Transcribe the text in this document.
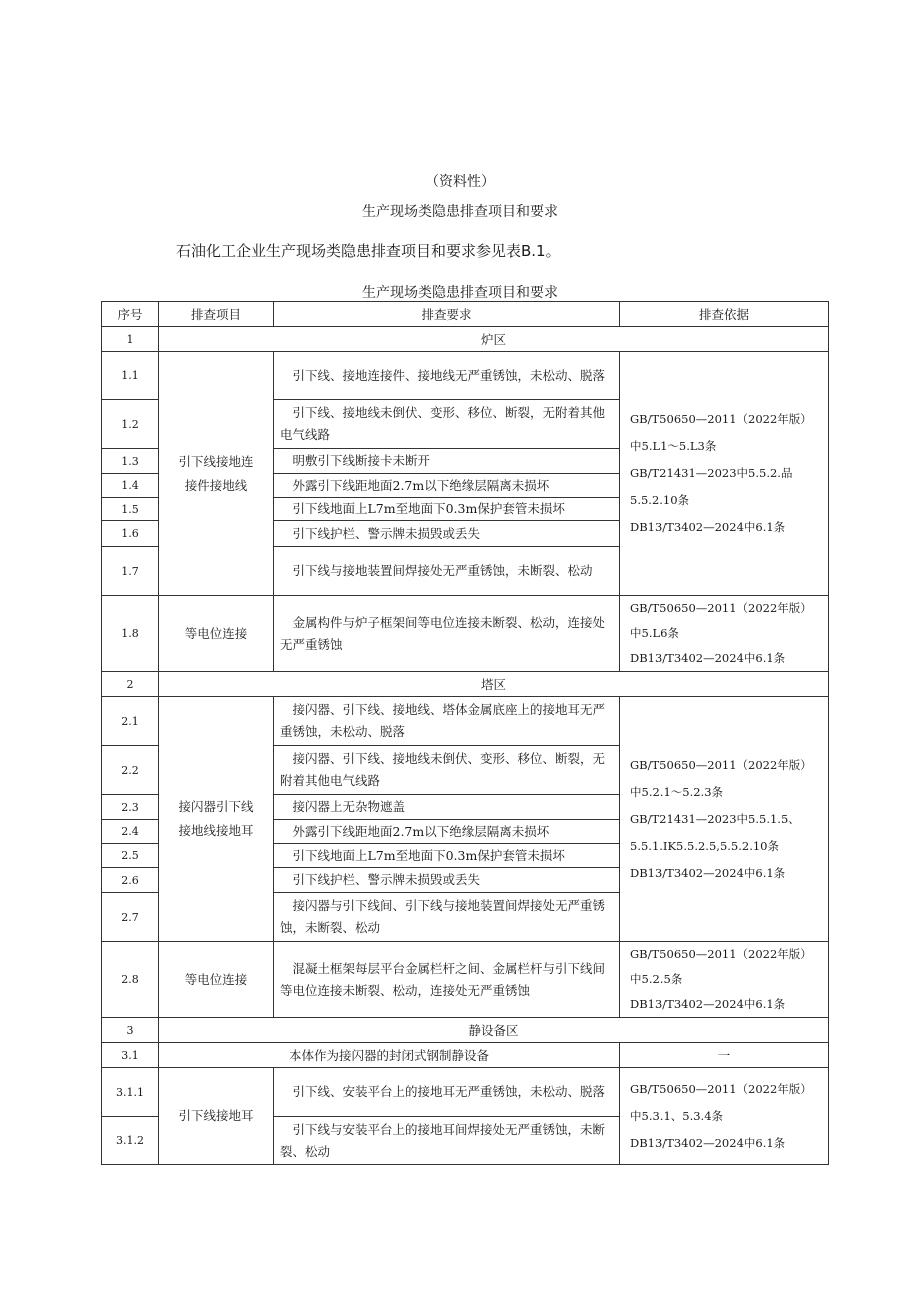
（资料性）
生产现场类隐患排查项目和要求
石油化工企业生产现场类隐患排查项目和要求参见表B.1。
生产现场类隐患排查项目和要求
序号	排查项目	排查要求	排查依据
1	炉区		
1.1	引下线接地连接件接地线	引下线、接地连接件、接地线无严重锈蚀，未松动、脱落	GB/T50650—2011（2022年版）中5.L1～5.L3条
GB/T21431—2023中5.5.2.品5.5.2.10条
DB13/T3402—2024中6.1条

1.2		引下线、接地线未倒伏、变形、移位、断裂，无附着其他电气线路	

1.3		明敷引下线断接卡未断开	

1.4		外露引下线距地面2.7m以下绝缘层隔离未损坏	

1.5		引下线地面上L7m至地面下0.3m保护套管未损坏	

1.6		引下线护栏、警示牌未损毁或丢失	

1.7		引下线与接地装置间焊接处无严重锈蚀，未断裂、松动	

1.8	等电位连接	金属构件与炉子框架间等电位连接未断裂、松动，连接处无严重锈蚀	GB/T50650—2011（2022年版）中5.L6条
DB13/T3402—2024中6.1条

2	塔区		
2.1	接闪器引下线接地线接地耳	接闪器、引下线、接地线、塔体金属底座上的接地耳无严重锈蚀，未松动、脱落	GB/T50650—2011（2022年版）中5.2.1～5.2.3条
GB/T21431—2023中5.5.1.5、5.5.1.IK5.5.2.5,5.5.2.10条
DB13/T3402—2024中6.1条

2.2		接闪器、引下线、接地线未倒伏、变形、移位、断裂，无附着其他电气线路	

2.3		接闪器上无杂物遮盖	

2.4		外露引下线距地面2.7m以下绝缘层隔离未损坏	

2.5		引下线地面上L7m至地面下0.3m保护套管未损坏	

2.6		引下线护栏、警示牌未损毁或丢失	

2.7		接闪器与引下线间、引下线与接地装置间焊接处无严重锈蚀，未断裂、松动	

2.8	等电位连接	混凝土框架每层平台金属栏杆之间、金属栏杆与引下线间等电位连接未断裂、松动，连接处无严重锈蚀	GB/T50650—2011（2022年版）中5.2.5条
DB13/T3402—2024中6.1条

3	静设备区		
3.1	本体作为接闪器的封闭式钢制静设备		一
3.1.1	引下线接地耳	引下线、安装平台上的接地耳无严重锈蚀，未松动、脱落	GB/T50650—2011（2022年版）中5.3.1、5.3.4条
DB13/T3402—2024中6.1条

3.1.2		引下线与安装平台上的接地耳间焊接处无严重锈蚀，未断裂、松动	
